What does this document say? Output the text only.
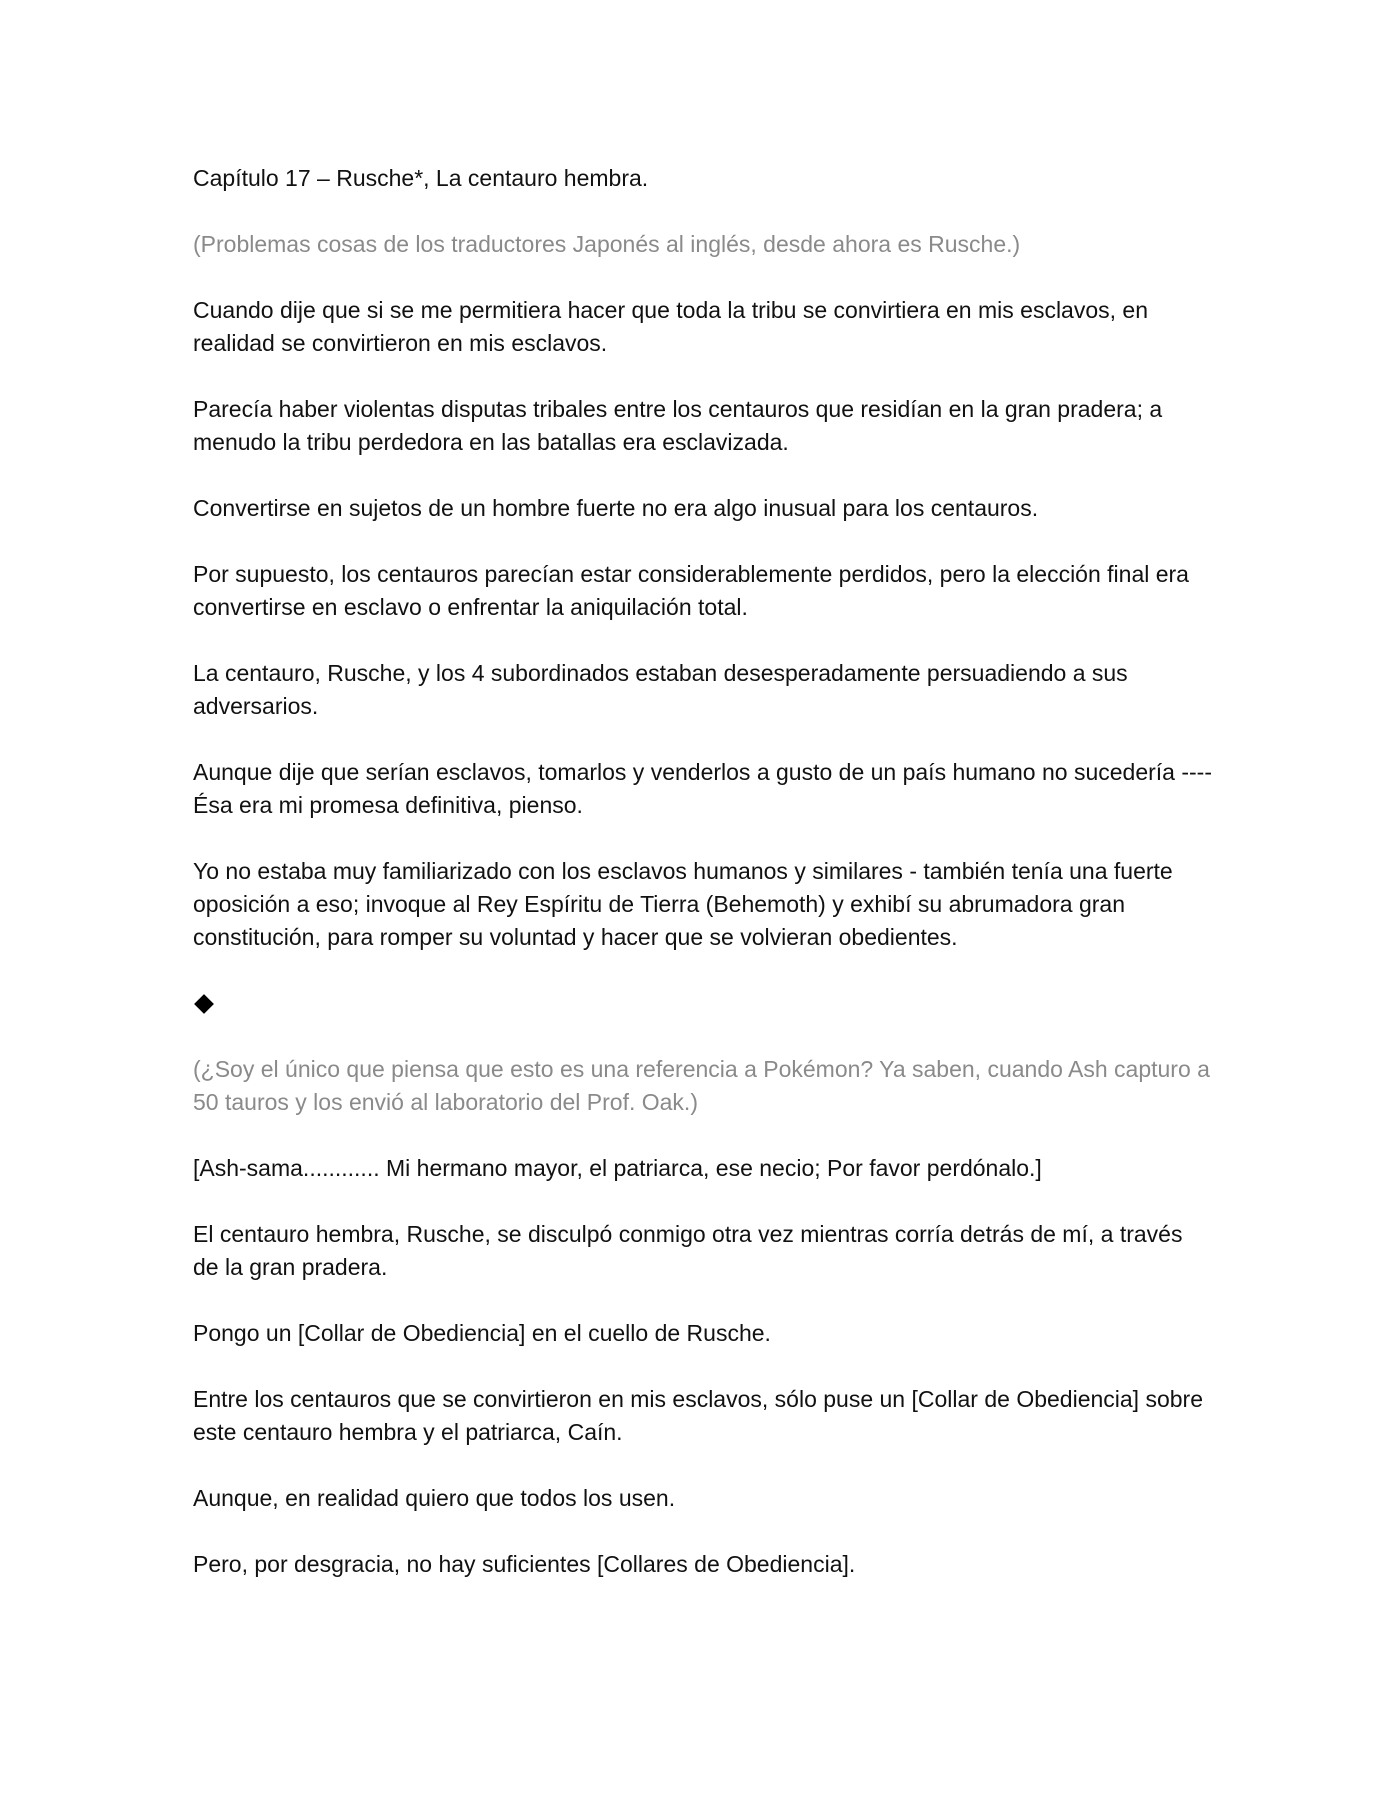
Capítulo 17 – Rusche*, La centauro hembra.

(Problemas cosas de los traductores Japonés al inglés, desde ahora es Rusche.)

Cuando dije que si se me permitiera hacer que toda la tribu se convirtiera en mis esclavos, en realidad se convirtieron en mis esclavos.

Parecía haber violentas disputas tribales entre los centauros que residían en la gran pradera; a menudo la tribu perdedora en las batallas era esclavizada.

Convertirse en sujetos de un hombre fuerte no era algo inusual para los centauros.

Por supuesto, los centauros parecían estar considerablemente perdidos, pero la elección final era convertirse en esclavo o enfrentar la aniquilación total.

La centauro, Rusche, y los 4 subordinados estaban desesperadamente persuadiendo a sus adversarios.

Aunque dije que serían esclavos, tomarlos y venderlos a gusto de un país humano no sucedería ---- Ésa era mi promesa definitiva, pienso.

Yo no estaba muy familiarizado con los esclavos humanos y similares - también tenía una fuerte oposición a eso; invoque al Rey Espíritu de Tierra (Behemoth) y exhibí su abrumadora gran constitución, para romper su voluntad y hacer que se volvieran obedientes.

(¿Soy el único que piensa que esto es una referencia a Pokémon? Ya saben, cuando Ash capturo a 50 tauros y los envió al laboratorio del Prof. Oak.)

[Ash-sama............ Mi hermano mayor, el patriarca, ese necio; Por favor perdónalo.]

El centauro hembra, Rusche, se disculpó conmigo otra vez mientras corría detrás de mí, a través de la gran pradera.

Pongo un [Collar de Obediencia] en el cuello de Rusche.

Entre los centauros que se convirtieron en mis esclavos, sólo puse un [Collar de Obediencia] sobre este centauro hembra y el patriarca, Caín.

Aunque, en realidad quiero que todos los usen.

Pero, por desgracia, no hay suficientes [Collares de Obediencia].
